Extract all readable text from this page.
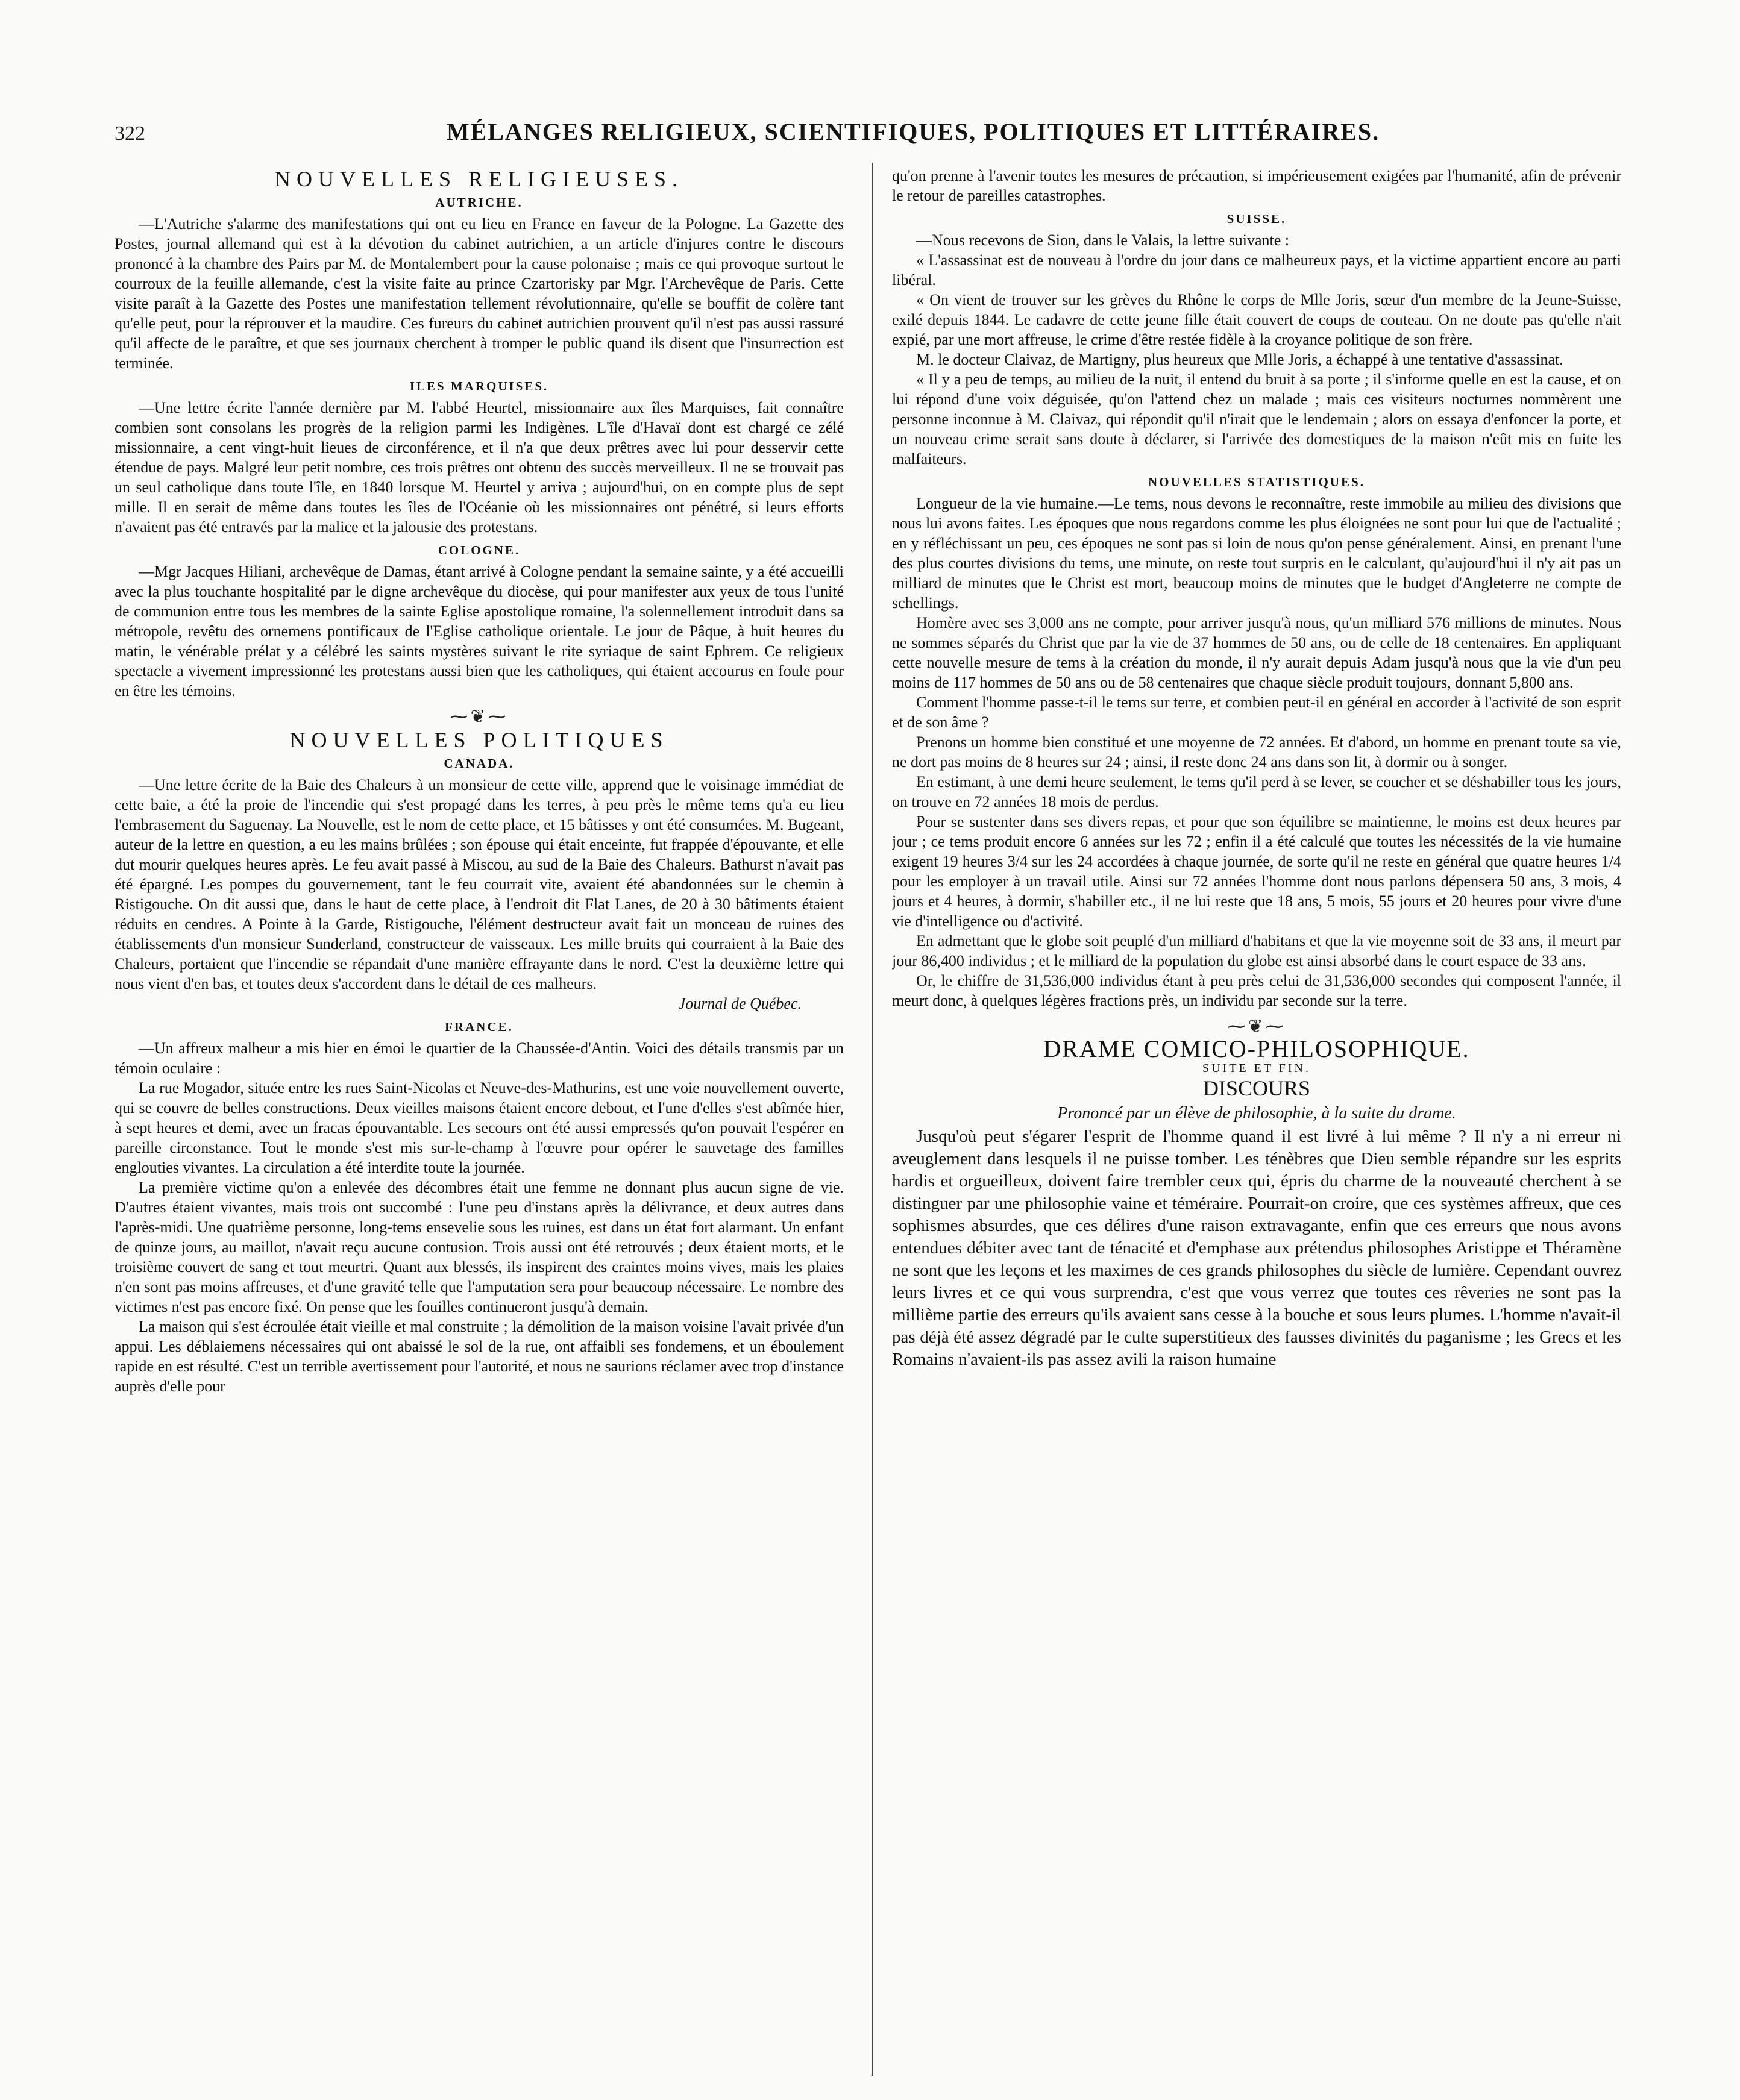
322	MÉLANGES RELIGIEUX, SCIENTIFIQUES, POLITIQUES ET LITTÉRAIRES.
NOUVELLES RELIGIEUSES.
AUTRICHE.

—L'Autriche s'alarme des manifestations qui ont eu lieu en France en faveur de la Pologne. La Gazette des Postes, journal allemand qui est à la dévotion du cabinet autrichien, a un article d'injures contre le discours prononcé à la chambre des Pairs par M. de Montalembert pour la cause polonaise ; mais ce qui provoque surtout le courroux de la feuille allemande, c'est la visite faite au prince Czartorisky par Mgr. l'Archevêque de Paris. Cette visite paraît à la Gazette des Postes une manifestation tellement révolutionnaire, qu'elle se bouffit de colère tant qu'elle peut, pour la réprouver et la maudire. Ces fureurs du cabinet autrichien prouvent qu'il n'est pas aussi rassuré qu'il affecte de le paraître, et que ses journaux cherchent à tromper le public quand ils disent que l'insurrection est terminée.

ILES MARQUISES.

—Une lettre écrite l'année dernière par M. l'abbé Heurtel, missionnaire aux îles Marquises, fait connaître combien sont consolans les progrès de la religion parmi les Indigènes. L'île d'Havaï dont est chargé ce zélé missionnaire, a cent vingt-huit lieues de circonférence, et il n'a que deux prêtres avec lui pour desservir cette étendue de pays. Malgré leur petit nombre, ces trois prêtres ont obtenu des succès merveilleux. Il ne se trouvait pas un seul catholique dans toute l'île, en 1840 lorsque M. Heurtel y arriva ; aujourd'hui, on en compte plus de sept mille. Il en serait de même dans toutes les îles de l'Océanie où les missionnaires ont pénétré, si leurs efforts n'avaient pas été entravés par la malice et la jalousie des protestans.

COLOGNE.

—Mgr Jacques Hiliani, archevêque de Damas, étant arrivé à Cologne pendant la semaine sainte, y a été accueilli avec la plus touchante hospitalité par le digne archevêque du diocèse, qui pour manifester aux yeux de tous l'unité de communion entre tous les membres de la sainte Eglise apostolique romaine, l'a solennellement introduit dans sa métropole, revêtu des ornemens pontificaux de l'Eglise catholique orientale. Le jour de Pâque, à huit heures du matin, le vénérable prélat y a célébré les saints mystères suivant le rite syriaque de saint Ephrem. Ce religieux spectacle a vivement impressionné les protestans aussi bien que les catholiques, qui étaient accourus en foule pour en être les témoins.

⁓❦⁓
NOUVELLES POLITIQUES
CANADA.

—Une lettre écrite de la Baie des Chaleurs à un monsieur de cette ville, apprend que le voisinage immédiat de cette baie, a été la proie de l'incendie qui s'est propagé dans les terres, à peu près le même tems qu'a eu lieu l'embrasement du Saguenay. La Nouvelle, est le nom de cette place, et 15 bâtisses y ont été consumées. M. Bugeant, auteur de la lettre en question, a eu les mains brûlées ; son épouse qui était enceinte, fut frappée d'épouvante, et elle dut mourir quelques heures après. Le feu avait passé à Miscou, au sud de la Baie des Chaleurs. Bathurst n'avait pas été épargné. Les pompes du gouvernement, tant le feu courrait vite, avaient été abandonnées sur le chemin à Ristigouche. On dit aussi que, dans le haut de cette place, à l'endroit dit Flat Lanes, de 20 à 30 bâtiments étaient réduits en cendres. A Pointe à la Garde, Ristigouche, l'élément destructeur avait fait un monceau de ruines des établissements d'un monsieur Sunderland, constructeur de vaisseaux. Les mille bruits qui courraient à la Baie des Chaleurs, portaient que l'incendie se répandait d'une manière effrayante dans le nord. C'est la deuxième lettre qui nous vient d'en bas, et toutes deux s'accordent dans le détail de ces malheurs.

Journal de Québec.
FRANCE.

—Un affreux malheur a mis hier en émoi le quartier de la Chaussée-d'Antin. Voici des détails transmis par un témoin oculaire :

La rue Mogador, située entre les rues Saint-Nicolas et Neuve-des-Mathurins, est une voie nouvellement ouverte, qui se couvre de belles constructions. Deux vieilles maisons étaient encore debout, et l'une d'elles s'est abîmée hier, à sept heures et demi, avec un fracas épouvantable. Les secours ont été aussi empressés qu'on pouvait l'espérer en pareille circonstance. Tout le monde s'est mis sur-le-champ à l'œuvre pour opérer le sauvetage des familles englouties vivantes. La circulation a été interdite toute la journée.

La première victime qu'on a enlevée des décombres était une femme ne donnant plus aucun signe de vie. D'autres étaient vivantes, mais trois ont succombé : l'une peu d'instans après la délivrance, et deux autres dans l'après-midi. Une quatrième personne, long-tems ensevelie sous les ruines, est dans un état fort alarmant. Un enfant de quinze jours, au maillot, n'avait reçu aucune contusion. Trois aussi ont été retrouvés ; deux étaient morts, et le troisième couvert de sang et tout meurtri. Quant aux blessés, ils inspirent des craintes moins vives, mais les plaies n'en sont pas moins affreuses, et d'une gravité telle que l'amputation sera pour beaucoup nécessaire. Le nombre des victimes n'est pas encore fixé. On pense que les fouilles continueront jusqu'à demain.

La maison qui s'est écroulée était vieille et mal construite ; la démolition de la maison voisine l'avait privée d'un appui. Les déblaiemens nécessaires qui ont abaissé le sol de la rue, ont affaibli ses fondemens, et un éboulement rapide en est résulté. C'est un terrible avertissement pour l'autorité, et nous ne saurions réclamer avec trop d'instance auprès d'elle pour

qu'on prenne à l'avenir toutes les mesures de précaution, si impérieusement exigées par l'humanité, afin de prévenir le retour de pareilles catastrophes.

SUISSE.

—Nous recevons de Sion, dans le Valais, la lettre suivante :

« L'assassinat est de nouveau à l'ordre du jour dans ce malheureux pays, et la victime appartient encore au parti libéral.

« On vient de trouver sur les grèves du Rhône le corps de Mlle Joris, sœur d'un membre de la Jeune-Suisse, exilé depuis 1844. Le cadavre de cette jeune fille était couvert de coups de couteau. On ne doute pas qu'elle n'ait expié, par une mort affreuse, le crime d'être restée fidèle à la croyance politique de son frère.

M. le docteur Claivaz, de Martigny, plus heureux que Mlle Joris, a échappé à une tentative d'assassinat.

« Il y a peu de temps, au milieu de la nuit, il entend du bruit à sa porte ; il s'informe quelle en est la cause, et on lui répond d'une voix déguisée, qu'on l'attend chez un malade ; mais ces visiteurs nocturnes nommèrent une personne inconnue à M. Claivaz, qui répondit qu'il n'irait que le lendemain ; alors on essaya d'enfoncer la porte, et un nouveau crime serait sans doute à déclarer, si l'arrivée des domestiques de la maison n'eût mis en fuite les malfaiteurs.

NOUVELLES STATISTIQUES.

Longueur de la vie humaine.—Le tems, nous devons le reconnaître, reste immobile au milieu des divisions que nous lui avons faites. Les époques que nous regardons comme les plus éloignées ne sont pour lui que de l'actualité ; en y réfléchissant un peu, ces époques ne sont pas si loin de nous qu'on pense généralement. Ainsi, en prenant l'une des plus courtes divisions du tems, une minute, on reste tout surpris en le calculant, qu'aujourd'hui il n'y ait pas un milliard de minutes que le Christ est mort, beaucoup moins de minutes que le budget d'Angleterre ne compte de schellings.

Homère avec ses 3,000 ans ne compte, pour arriver jusqu'à nous, qu'un milliard 576 millions de minutes. Nous ne sommes séparés du Christ que par la vie de 37 hommes de 50 ans, ou de celle de 18 centenaires. En appliquant cette nouvelle mesure de tems à la création du monde, il n'y aurait depuis Adam jusqu'à nous que la vie d'un peu moins de 117 hommes de 50 ans ou de 58 centenaires que chaque siècle produit toujours, donnant 5,800 ans.

Comment l'homme passe-t-il le tems sur terre, et combien peut-il en général en accorder à l'activité de son esprit et de son âme ?

Prenons un homme bien constitué et une moyenne de 72 années. Et d'abord, un homme en prenant toute sa vie, ne dort pas moins de 8 heures sur 24 ; ainsi, il reste donc 24 ans dans son lit, à dormir ou à songer.

En estimant, à une demi heure seulement, le tems qu'il perd à se lever, se coucher et se déshabiller tous les jours, on trouve en 72 années 18 mois de perdus.

Pour se sustenter dans ses divers repas, et pour que son équilibre se maintienne, le moins est deux heures par jour ; ce tems produit encore 6 années sur les 72 ; enfin il a été calculé que toutes les nécessités de la vie humaine exigent 19 heures 3/4 sur les 24 accordées à chaque journée, de sorte qu'il ne reste en général que quatre heures 1/4 pour les employer à un travail utile. Ainsi sur 72 années l'homme dont nous parlons dépensera 50 ans, 3 mois, 4 jours et 4 heures, à dormir, s'habiller etc., il ne lui reste que 18 ans, 5 mois, 55 jours et 20 heures pour vivre d'une vie d'intelligence ou d'activité.

En admettant que le globe soit peuplé d'un milliard d'habitans et que la vie moyenne soit de 33 ans, il meurt par jour 86,400 individus ; et le milliard de la population du globe est ainsi absorbé dans le court espace de 33 ans.

Or, le chiffre de 31,536,000 individus étant à peu près celui de 31,536,000 secondes qui composent l'année, il meurt donc, à quelques légères fractions près, un individu par seconde sur la terre.

⁓❦⁓
DRAME COMICO-PHILOSOPHIQUE.
SUITE ET FIN.
DISCOURS
Prononcé par un élève de philosophie, à la suite du drame.

Jusqu'où peut s'égarer l'esprit de l'homme quand il est livré à lui même ? Il n'y a ni erreur ni aveuglement dans lesquels il ne puisse tomber. Les ténèbres que Dieu semble répandre sur les esprits hardis et orgueilleux, doivent faire trembler ceux qui, épris du charme de la nouveauté cherchent à se distinguer par une philosophie vaine et téméraire. Pourrait-on croire, que ces systèmes affreux, que ces sophismes absurdes, que ces délires d'une raison extravagante, enfin que ces erreurs que nous avons entendues débiter avec tant de ténacité et d'emphase aux prétendus philosophes Aristippe et Théramène ne sont que les leçons et les maximes de ces grands philosophes du siècle de lumière. Cependant ouvrez leurs livres et ce qui vous surprendra, c'est que vous verrez que toutes ces rêveries ne sont pas la millième partie des erreurs qu'ils avaient sans cesse à la bouche et sous leurs plumes. L'homme n'avait-il pas déjà été assez dégradé par le culte superstitieux des fausses divinités du paganisme ; les Grecs et les Romains n'avaient-ils pas assez avili la raison humaine
